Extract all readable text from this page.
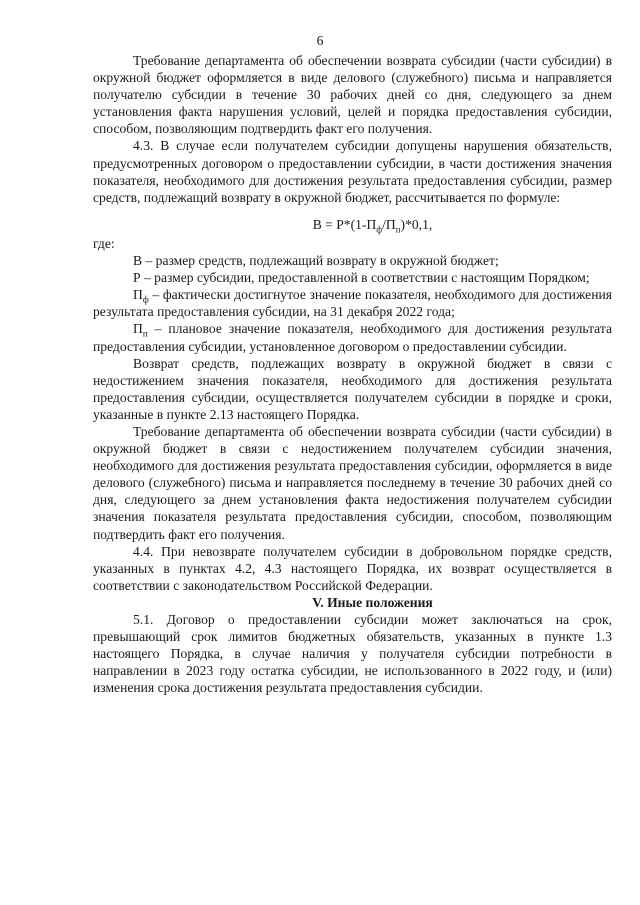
6

Требование департамента об обеспечении возврата субсидии (части субсидии) в окружной бюджет оформляется в виде делового (служебного) письма и направляется получателю субсидии в течение 30 рабочих дней со дня, следующего за днем установления факта нарушения условий, целей и порядка предоставления субсидии, способом, позволяющим подтвердить факт его получения.

4.3. В случае если получателем субсидии допущены нарушения обязательств, предусмотренных договором о предоставлении субсидии, в части достижения значения показателя, необходимого для достижения результата предоставления субсидии, размер средств, подлежащий возврату в окружной бюджет, рассчитывается по формуле:

$В = Р*(1-П_ф/П_п)*0,1$,

где:

В – размер средств, подлежащий возврату в окружной бюджет;

Р – размер субсидии, предоставленной в соответствии с настоящим Порядком;

$П_ф$ – фактически достигнутое значение показателя, необходимого для достижения результата предоставления субсидии, на 31 декабря 2022 года;

$П_п$ – плановое значение показателя, необходимого для достижения результата предоставления субсидии, установленное договором о предоставлении субсидии.

Возврат средств, подлежащих возврату в окружной бюджет в связи с недостижением значения показателя, необходимого для достижения результата предоставления субсидии, осуществляется получателем субсидии в порядке и сроки, указанные в пункте 2.13 настоящего Порядка.

Требование департамента об обеспечении возврата субсидии (части субсидии) в окружной бюджет в связи с недостижением получателем субсидии значения, необходимого для достижения результата предоставления субсидии, оформляется в виде делового (служебного) письма и направляется последнему в течение 30 рабочих дней со дня, следующего за днем установления факта недостижения получателем субсидии значения показателя результата предоставления субсидии, способом, позволяющим подтвердить факт его получения.

4.4. При невозврате получателем субсидии в добровольном порядке средств, указанных в пунктах 4.2, 4.3 настоящего Порядка, их возврат осуществляется в соответствии с законодательством Российской Федерации.

V. Иные положения

5.1. Договор о предоставлении субсидии может заключаться на срок, превышающий срок лимитов бюджетных обязательств, указанных в пункте 1.3 настоящего Порядка, в случае наличия у получателя субсидии потребности в направлении в 2023 году остатка субсидии, не использованного в 2022 году, и (или) изменения срока достижения результата предоставления субсидии.
